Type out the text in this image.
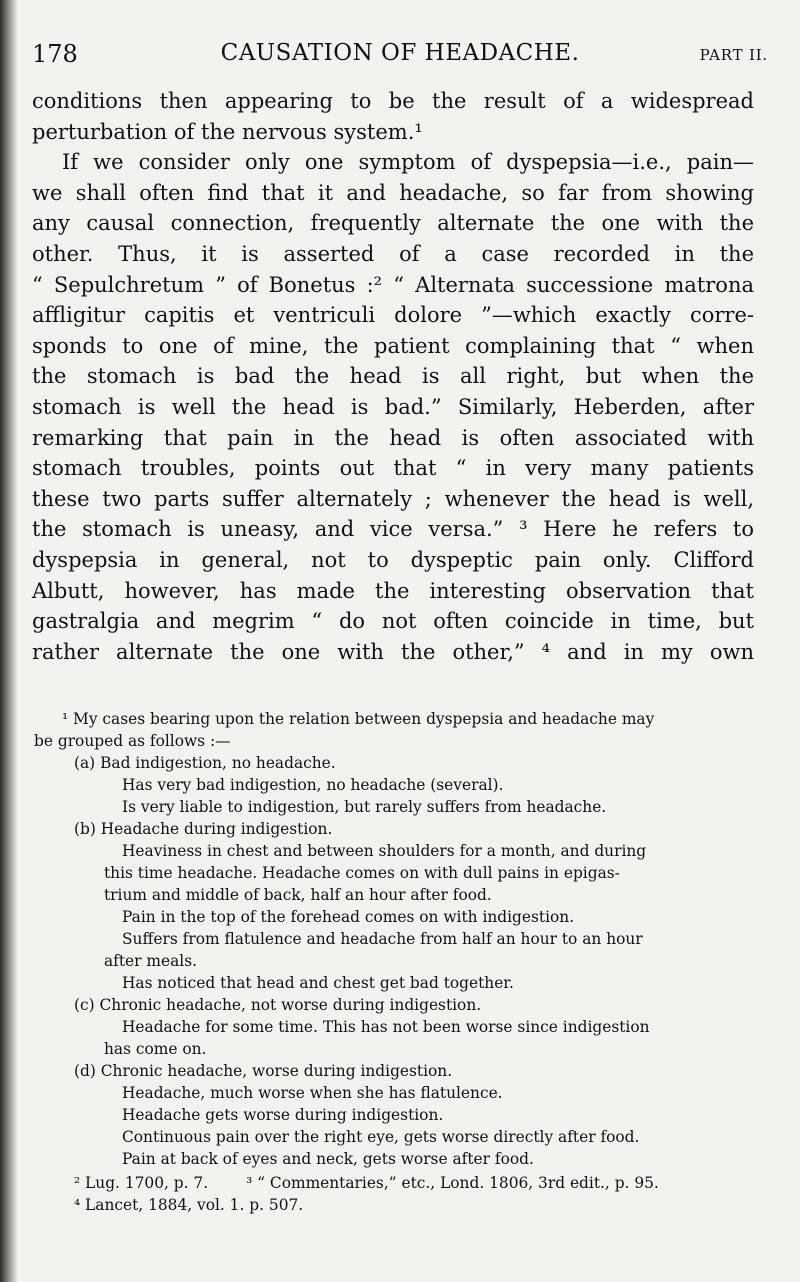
178	CAUSATION OF HEADACHE.	PART II.
conditions then appearing to be the result of a widespread
perturbation of the nervous system.¹
If we consider only one symptom of dyspepsia—i.e., pain—
we shall often find that it and headache, so far from showing
any causal connection, frequently alternate the one with the
other. Thus, it is asserted of a case recorded in the
“ Sepulchretum ” of Bonetus :² “ Alternata successione matrona
affligitur capitis et ventriculi dolore ”—which exactly corre-
sponds to one of mine, the patient complaining that “ when
the stomach is bad the head is all right, but when the
stomach is well the head is bad.” Similarly, Heberden, after
remarking that pain in the head is often associated with
stomach troubles, points out that “ in very many patients
these two parts suffer alternately ; whenever the head is well,
the stomach is uneasy, and vice versa.” ³ Here he refers to
dyspepsia in general, not to dyspeptic pain only. Clifford
Albutt, however, has made the interesting observation that
gastralgia and megrim “ do not often coincide in time, but
rather alternate the one with the other,” ⁴ and in my own
¹ My cases bearing upon the relation between dyspepsia and headache may
be grouped as follows :—
(a) Bad indigestion, no headache.
Has very bad indigestion, no headache (several).
Is very liable to indigestion, but rarely suffers from headache.
(b) Headache during indigestion.
Heaviness in chest and between shoulders for a month, and during
this time headache. Headache comes on with dull pains in epigas-
trium and middle of back, half an hour after food.
Pain in the top of the forehead comes on with indigestion.
Suffers from flatulence and headache from half an hour to an hour
after meals.
Has noticed that head and chest get bad together.
(c) Chronic headache, not worse during indigestion.
Headache for some time. This has not been worse since indigestion
has come on.
(d) Chronic headache, worse during indigestion.
Headache, much worse when she has flatulence.
Headache gets worse during indigestion.
Continuous pain over the right eye, gets worse directly after food.
Pain at back of eyes and neck, gets worse after food.
² Lug. 1700, p. 7. ³ “ Commentaries,” etc., Lond. 1806, 3rd edit., p. 95.
⁴ Lancet, 1884, vol. 1. p. 507.
